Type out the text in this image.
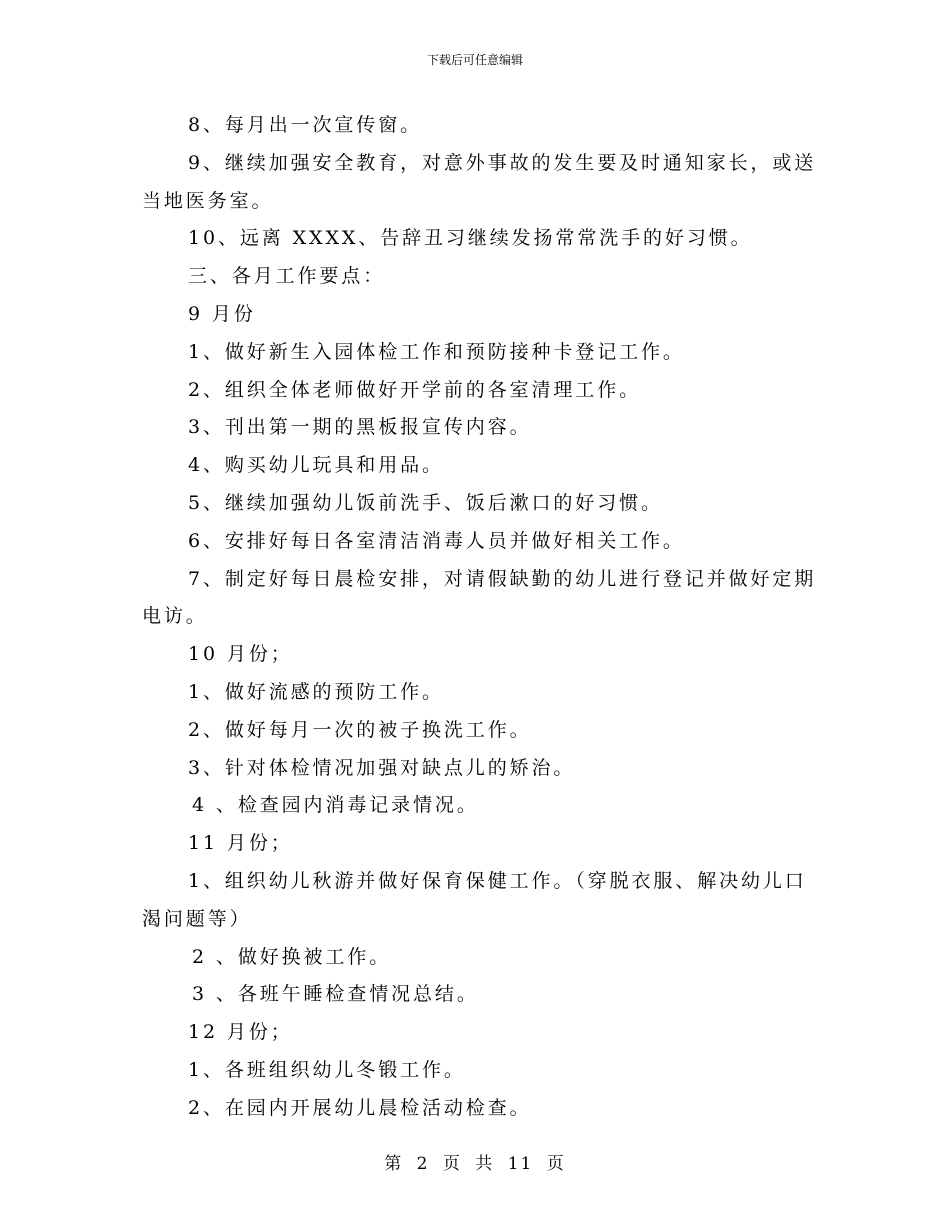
下载后可任意编辑
8、每月出一次宣传窗。
9、继续加强安全教育，对意外事故的发生要及时通知家长，或送
当地医务室。
10、远离 XXXX、告辞丑习继续发扬常常洗手的好习惯。
三、各月工作要点：
9 月份
1、做好新生入园体检工作和预防接种卡登记工作。
2、组织全体老师做好开学前的各室清理工作。
3、刊出第一期的黑板报宣传内容。
4、购买幼儿玩具和用品。
5、继续加强幼儿饭前洗手、饭后漱口的好习惯。
6、安排好每日各室清洁消毒人员并做好相关工作。
7、制定好每日晨检安排，对请假缺勤的幼儿进行登记并做好定期
电访。
10 月份；
1、做好流感的预防工作。
2、做好每月一次的被子换洗工作。
3、针对体检情况加强对缺点儿的矫治。
4 、检查园内消毒记录情况。
11 月份；
1、组织幼儿秋游并做好保育保健工作。（穿脱衣服、解决幼儿口
渴问题等）
2 、做好换被工作。
3 、各班午睡检查情况总结。
12 月份；
1、各班组织幼儿冬锻工作。
2、在园内开展幼儿晨检活动检查。
第 2 页 共 11 页
